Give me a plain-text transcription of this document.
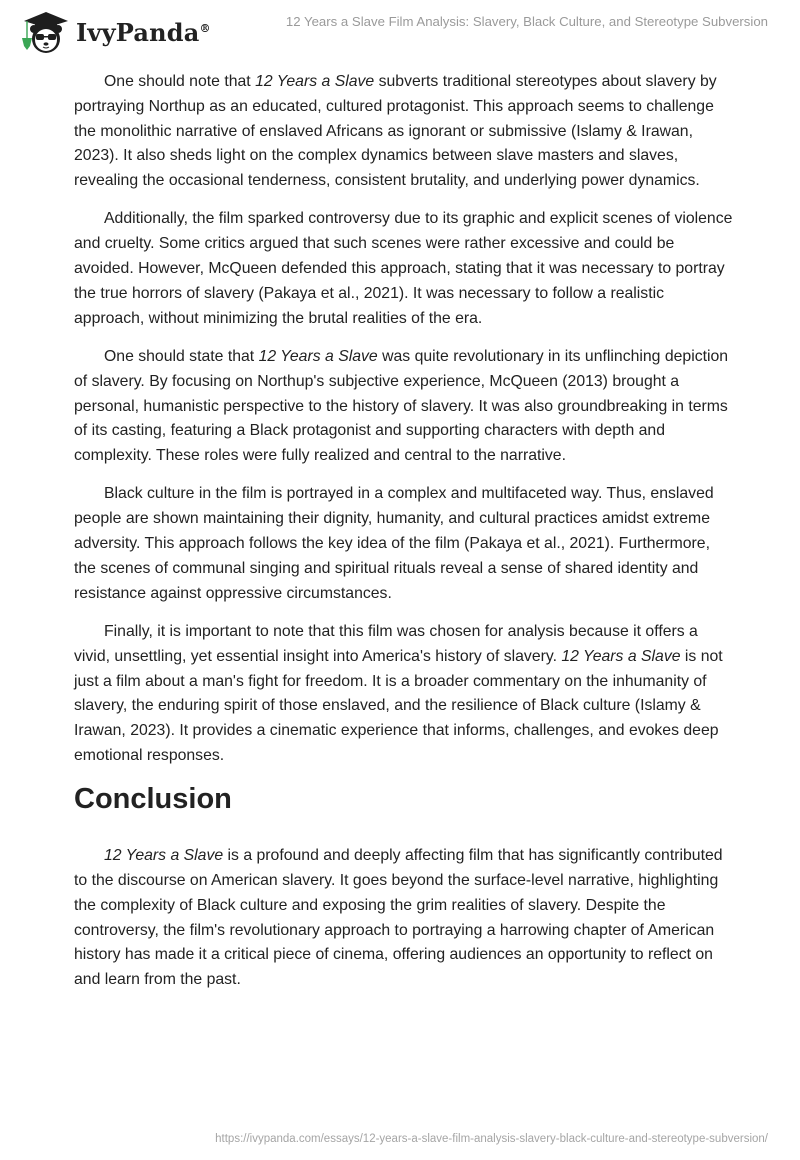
IvyPanda®	12 Years a Slave Film Analysis: Slavery, Black Culture, and Stereotype Subversion

One should note that 12 Years a Slave subverts traditional stereotypes about slavery by portraying Northup as an educated, cultured protagonist. This approach seems to challenge the monolithic narrative of enslaved Africans as ignorant or submissive (Islamy & Irawan, 2023). It also sheds light on the complex dynamics between slave masters and slaves, revealing the occasional tenderness, consistent brutality, and underlying power dynamics.

Additionally, the film sparked controversy due to its graphic and explicit scenes of violence and cruelty. Some critics argued that such scenes were rather excessive and could be avoided. However, McQueen defended this approach, stating that it was necessary to portray the true horrors of slavery (Pakaya et al., 2021). It was necessary to follow a realistic approach, without minimizing the brutal realities of the era.

One should state that 12 Years a Slave was quite revolutionary in its unflinching depiction of slavery. By focusing on Northup's subjective experience, McQueen (2013) brought a personal, humanistic perspective to the history of slavery. It was also groundbreaking in terms of its casting, featuring a Black protagonist and supporting characters with depth and complexity. These roles were fully realized and central to the narrative.

Black culture in the film is portrayed in a complex and multifaceted way. Thus, enslaved people are shown maintaining their dignity, humanity, and cultural practices amidst extreme adversity. This approach follows the key idea of the film (Pakaya et al., 2021). Furthermore, the scenes of communal singing and spiritual rituals reveal a sense of shared identity and resistance against oppressive circumstances.

Finally, it is important to note that this film was chosen for analysis because it offers a vivid, unsettling, yet essential insight into America's history of slavery. 12 Years a Slave is not just a film about a man's fight for freedom. It is a broader commentary on the inhumanity of slavery, the enduring spirit of those enslaved, and the resilience of Black culture (Islamy & Irawan, 2023). It provides a cinematic experience that informs, challenges, and evokes deep emotional responses.

Conclusion

12 Years a Slave is a profound and deeply affecting film that has significantly contributed to the discourse on American slavery. It goes beyond the surface-level narrative, highlighting the complexity of Black culture and exposing the grim realities of slavery. Despite the controversy, the film's revolutionary approach to portraying a harrowing chapter of American history has made it a critical piece of cinema, offering audiences an opportunity to reflect on and learn from the past.

https://ivypanda.com/essays/12-years-a-slave-film-analysis-slavery-black-culture-and-stereotype-subversion/
